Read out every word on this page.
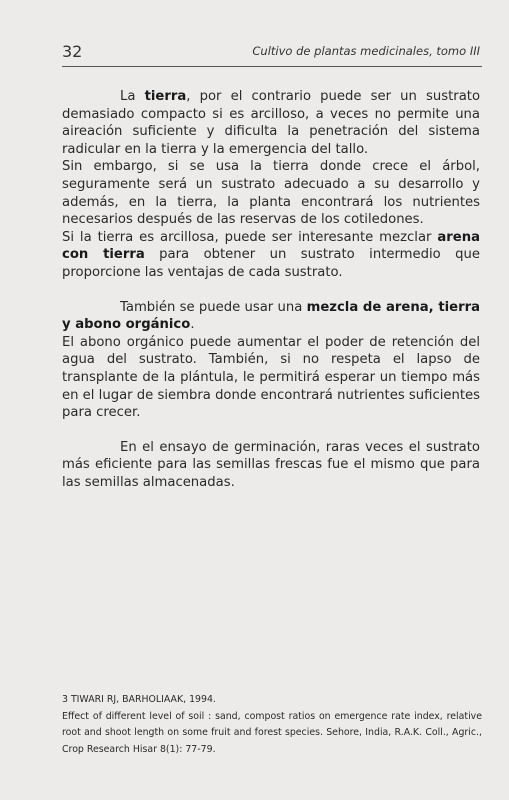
32	Cultivo de plantas medicinales, tomo III

La tierra, por el contrario puede ser un sustrato demasiado compacto si es arcilloso, a veces no permite una aireación suficiente y dificulta la penetración del sistema radicular en la tierra y la emergencia del tallo.

Sin embargo, si se usa la tierra donde crece el árbol, seguramente será un sustrato adecuado a su desarrollo y además, en la tierra, la planta encontrará los nutrientes necesarios después de las reservas de los cotiledones.

Si la tierra es arcillosa, puede ser interesante mezclar arena con tierra para obtener un sustrato intermedio que proporcione las ventajas de cada sustrato.

También se puede usar una mezcla de arena, tierra y abono orgánico.

El abono orgánico puede aumentar el poder de retención del agua del sustrato. También, si no respeta el lapso de transplante de la plántula, le permitirá esperar un tiempo más en el lugar de siembra donde encontrará nutrientes suficientes para crecer.

En el ensayo de germinación, raras veces el sustrato más eficiente para las semillas frescas fue el mismo que para las semillas almacenadas.

3 TIWARI RJ, BARHOLIAAK, 1994.

Effect of different level of soil : sand, compost ratios on emergence rate index, relative root and shoot length on some fruit and forest species. Sehore, India, R.A.K. Coll., Agric., Crop Research Hisar 8(1): 77-79.
